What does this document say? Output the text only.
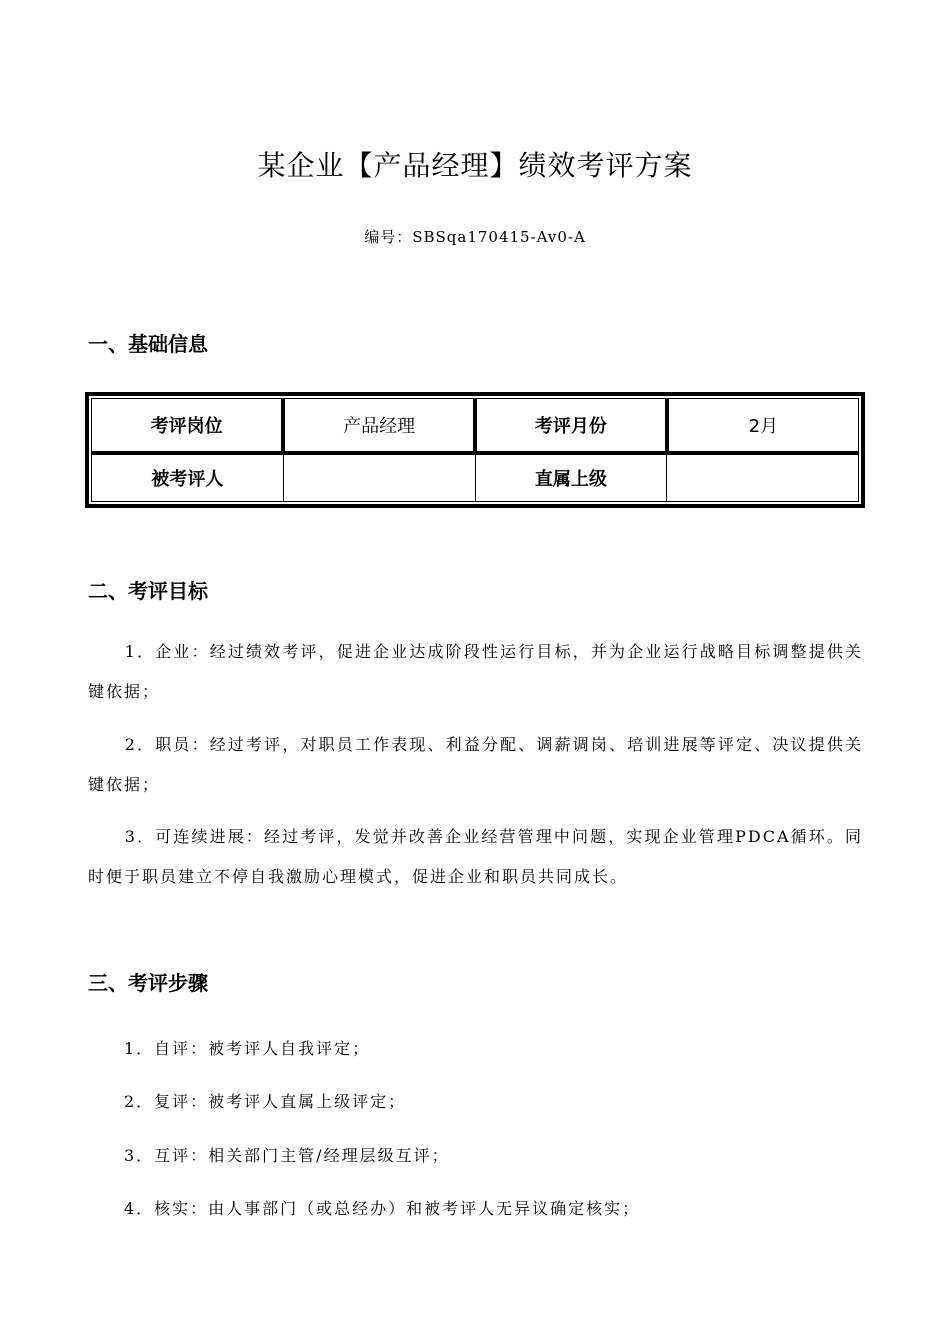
某企业【产品经理】绩效考评方案
编号：SBSqa170415-Av0-A
一、基础信息
考评岗位	产品经理	考评月份	2月
被考评人		直属上级	
二、考评目标
1．企业：经过绩效考评，促进企业达成阶段性运行目标，并为企业运行战略目标调整提供关键依据；
2．职员：经过考评，对职员工作表现、利益分配、调薪调岗、培训进展等评定、决议提供关键依据；
3．可连续进展：经过考评，发觉并改善企业经营管理中问题，实现企业管理PDCA循环。同时便于职员建立不停自我激励心理模式，促进企业和职员共同成长。
三、考评步骤
1．自评：被考评人自我评定；
2．复评：被考评人直属上级评定；
3．互评：相关部门主管/经理层级互评；
4．核实：由人事部门（或总经办）和被考评人无异议确定核实；
